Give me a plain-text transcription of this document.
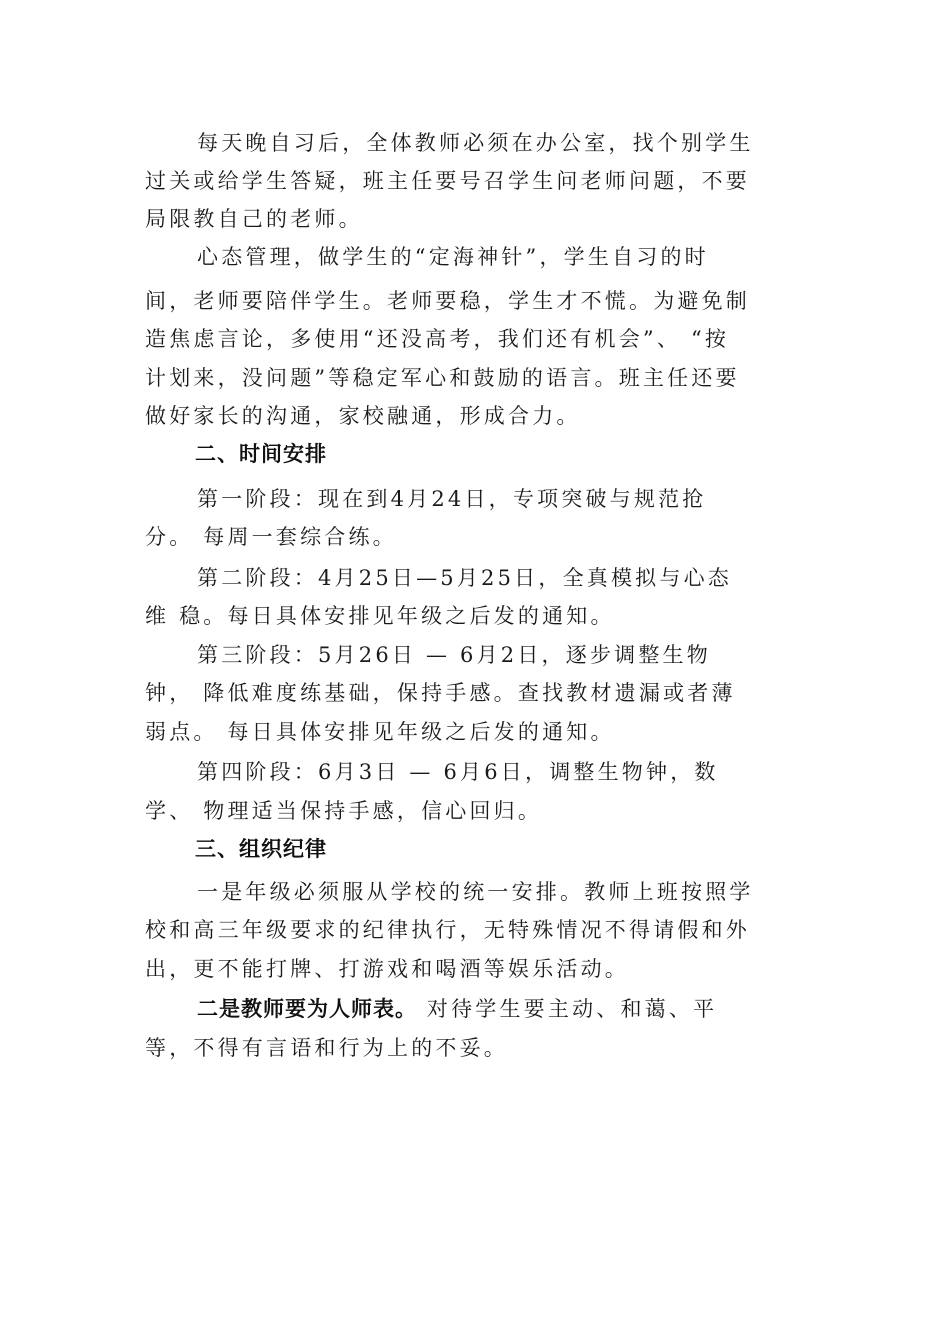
每天晚自习后，全体教师必须在办公室，找个别学生
过关或给学生答疑，班主任要号召学生问老师问题，不要
局限教自己的老师。
心态管理，做学生的“定海神针”，学生自习的时
间，老师要陪伴学生。老师要稳，学生才不慌。为避免制
造焦虑言论，多使用“还没高考，我们还有机会”、 “按
计划来，没问题”等稳定军心和鼓励的语言。班主任还要
做好家长的沟通，家校融通，形成合力。
二、时间安排
第一阶段：现在到4月24日，专项突破与规范抢
分。 每周一套综合练。
第二阶段：4月25日—5月25日，全真模拟与心态
维 稳。每日具体安排见年级之后发的通知。
第三阶段：5月26日 — 6月2日，逐步调整生物
钟， 降低难度练基础，保持手感。查找教材遗漏或者薄
弱点。 每日具体安排见年级之后发的通知。
第四阶段：6月3日 — 6月6日，调整生物钟，数
学、 物理适当保持手感，信心回归。
三、组织纪律
一是年级必须服从学校的统一安排。教师上班按照学
校和高三年级要求的纪律执行，无特殊情况不得请假和外
出，更不能打牌、打游戏和喝酒等娱乐活动。
二是教师要为人师表。 对待学生要主动、和蔼、平
等，不得有言语和行为上的不妥。
